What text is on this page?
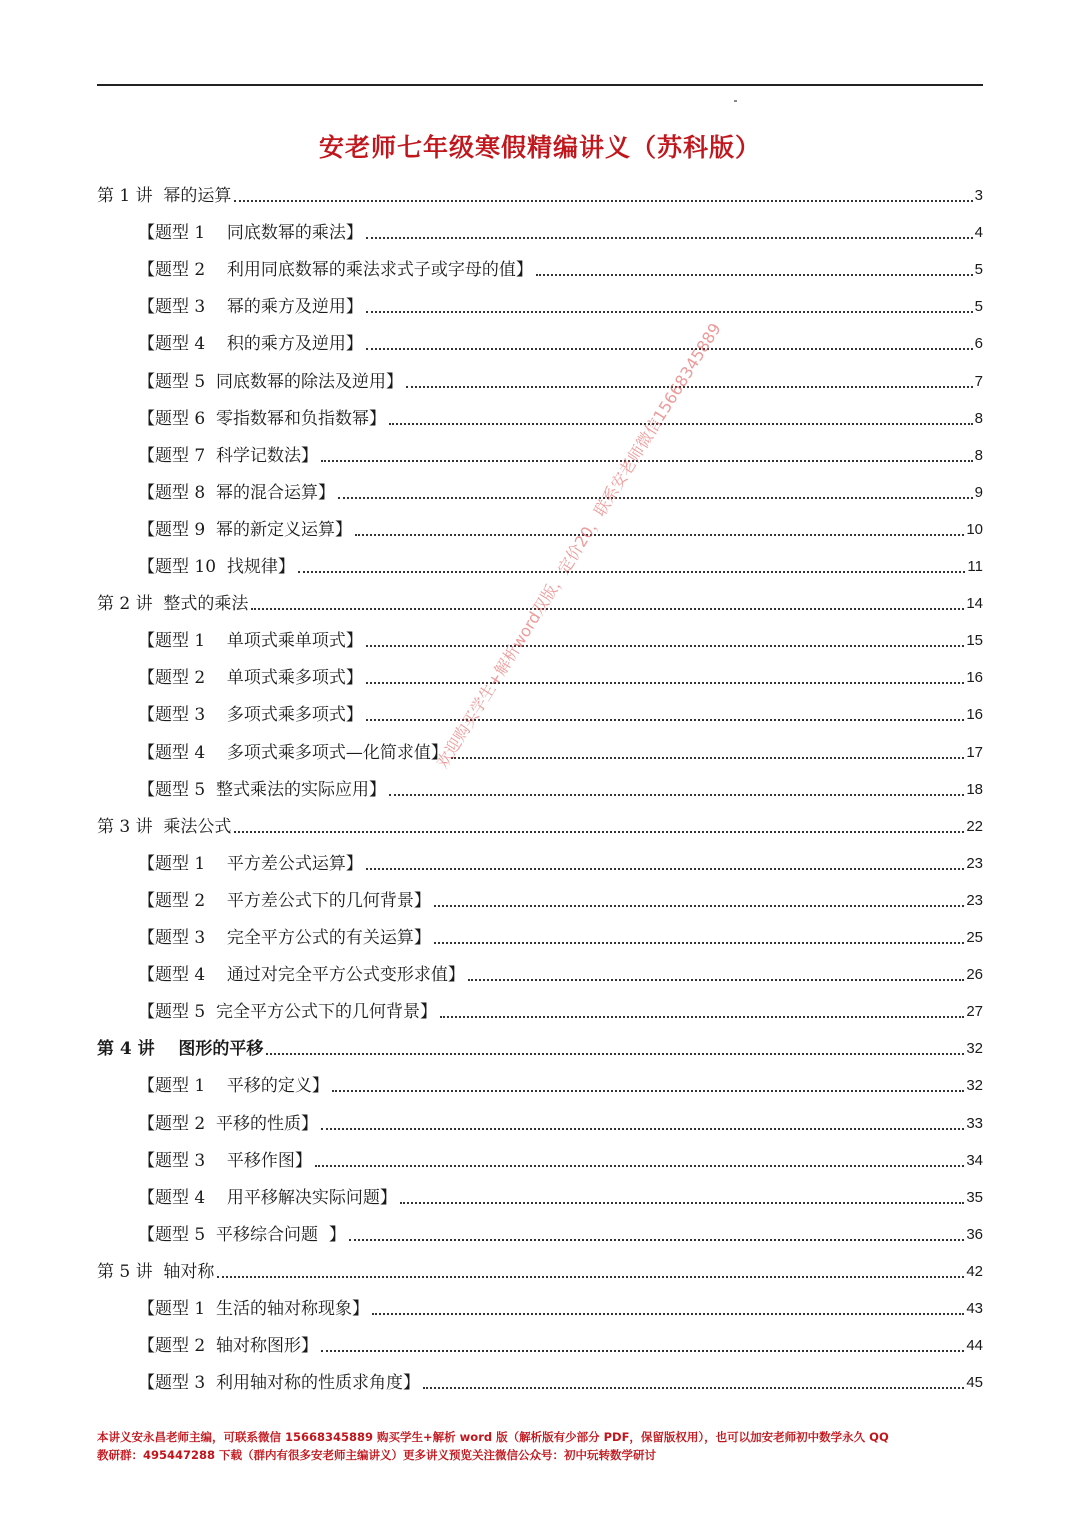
安老师七年级寒假精编讲义（苏科版）
第 1 讲  幂的运算	3
【题型 1    同底数幂的乘法】	4
【题型 2    利用同底数幂的乘法求式子或字母的值】	5
【题型 3    幂的乘方及逆用】	5
【题型 4    积的乘方及逆用】	6
【题型 5  同底数幂的除法及逆用】	7
【题型 6  零指数幂和负指数幂】	8
【题型 7  科学记数法】	8
【题型 8  幂的混合运算】	9
【题型 9  幂的新定义运算】	10
【题型 10  找规律】	11
第 2 讲  整式的乘法	14
【题型 1    单项式乘单项式】	15
【题型 2    单项式乘多项式】	16
【题型 3    多项式乘多项式】	16
【题型 4    多项式乘多项式—化简求值】	17
【题型 5  整式乘法的实际应用】	18
第 3 讲  乘法公式	22
【题型 1    平方差公式运算】	23
【题型 2    平方差公式下的几何背景】	23
【题型 3    完全平方公式的有关运算】	25
【题型 4    通过对完全平方公式变形求值】	26
【题型 5  完全平方公式下的几何背景】	27
第 4 讲    图形的平移	32
【题型 1    平移的定义】	32
【题型 2  平移的性质】	33
【题型 3    平移作图】	34
【题型 4    用平移解决实际问题】	35
【题型 5  平移综合问题  】	36
第 5 讲  轴对称	42
【题型 1  生活的轴对称现象】	43
【题型 2  轴对称图形】	44
【题型 3  利用轴对称的性质求角度】	45
欢迎购买学生+解析word双版，定价20，联系安老师微信15668345889
本讲义安永昌老师主编，可联系微信 15668345889 购买学生+解析 word 版（解析版有少部分 PDF，保留版权用），也可以加安老师初中数学永久 QQ
教研群：495447288 下载（群内有很多安老师主编讲义）更多讲义预览关注微信公众号：初中玩转数学研讨
